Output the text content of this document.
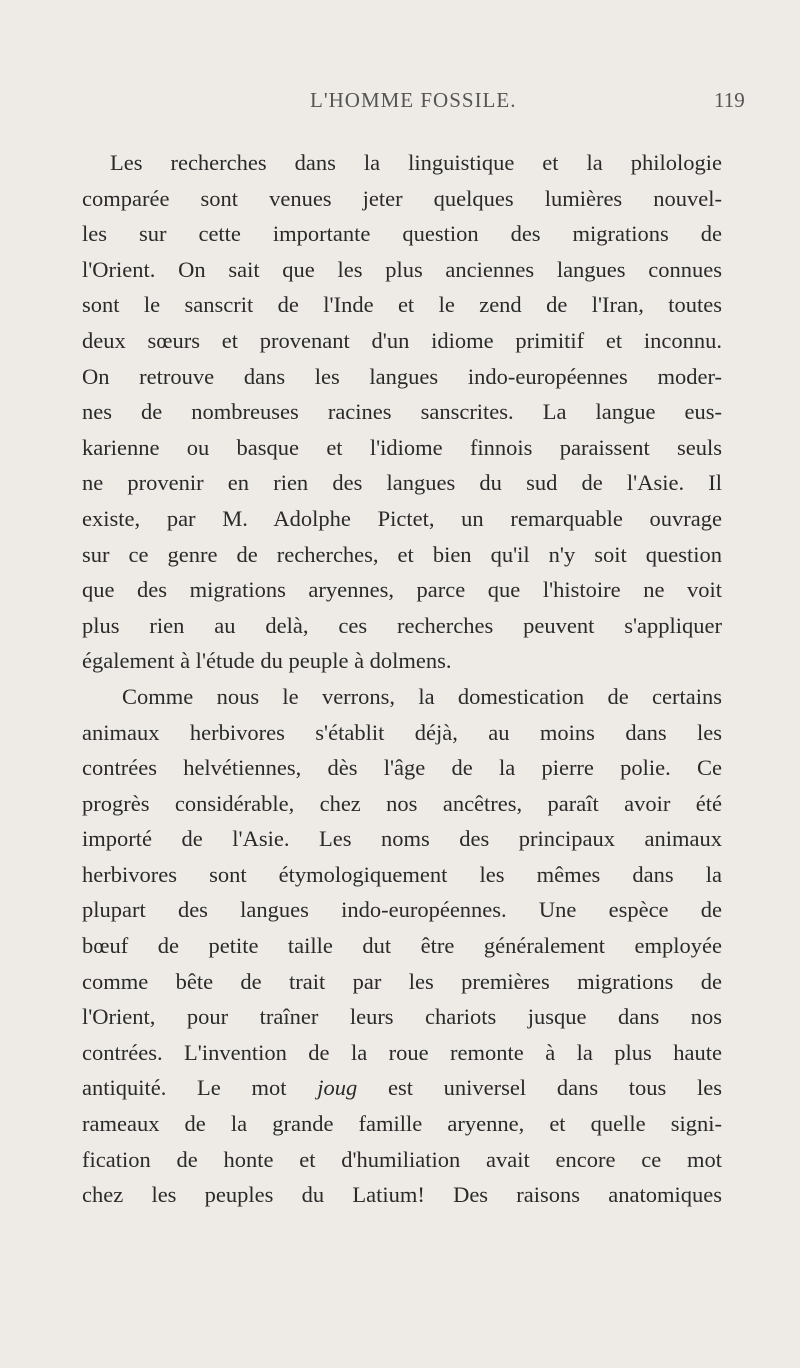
L'HOMME FOSSILE.	119
Les recherches dans la linguistique et la philologie
comparée sont venues jeter quelques lumières nouvel-
les sur cette importante question des migrations de
l'Orient. On sait que les plus anciennes langues connues
sont le sanscrit de l'Inde et le zend de l'Iran, toutes
deux sœurs et provenant d'un idiome primitif et inconnu.
On retrouve dans les langues indo-européennes moder-
nes de nombreuses racines sanscrites. La langue eus-
karienne ou basque et l'idiome finnois paraissent seuls
ne provenir en rien des langues du sud de l'Asie. Il
existe, par M. Adolphe Pictet, un remarquable ouvrage
sur ce genre de recherches, et bien qu'il n'y soit question
que des migrations aryennes, parce que l'histoire ne voit
plus rien au delà, ces recherches peuvent s'appliquer
également à l'étude du peuple à dolmens.
Comme nous le verrons, la domestication de certains
animaux herbivores s'établit déjà, au moins dans les
contrées helvétiennes, dès l'âge de la pierre polie. Ce
progrès considérable, chez nos ancêtres, paraît avoir été
importé de l'Asie. Les noms des principaux animaux
herbivores sont étymologiquement les mêmes dans la
plupart des langues indo-européennes. Une espèce de
bœuf de petite taille dut être généralement employée
comme bête de trait par les premières migrations de
l'Orient, pour traîner leurs chariots jusque dans nos
contrées. L'invention de la roue remonte à la plus haute
antiquité. Le mot joug est universel dans tous les
rameaux de la grande famille aryenne, et quelle signi-
fication de honte et d'humiliation avait encore ce mot
chez les peuples du Latium! Des raisons anatomiques
